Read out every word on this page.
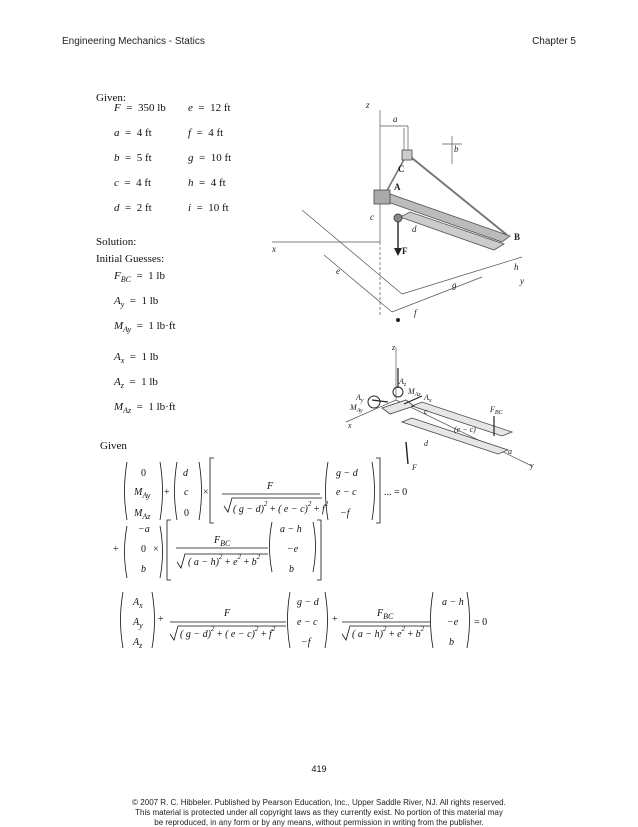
Engineering Mechanics - Statics	Chapter 5
Given:
F  =  350 lb
a  =  4 ft
b  =  5 ft
c  =  4 ft
d  =  2 ft
e  =  12 ft
f  =  4 ft
g  =  10 ft
h  =  4 ft
i  =  10 ft
Solution:
Initial Guesses:
$F_{BC} = 1$ lb
$A_y = 1$ lb
$M_{Ay} = 1$ lb·ft
$A_x = 1$ lb
$A_z = 1$ lb
$M_{Az} = 1$ lb·ft
Given
0
$M_{Ay}$
$M_{Az}$
+
d
c
0
×
F
( g − d)$^2$ + ( $e - c)^2 + f^2$
g − d
e − c
−f
... = 0
−a
+ 0
b
×
$F_{BC}$
( $a - h)^2 + e^2 + b^2$
a − h
−e
b
$A_x$
$A_y$
$A_z$
+
F
( g − d)$^2$ + ( $e - c)^2 + f^2$
g − d
e − c
−f
+
$F_{BC}$
( $a - h)^2 + e^2 + b^2$
a − h
−e
b
= 0
z
a
b
C
A
c
d
B
F
x
e
g
h
y
f
z
$A_z$
$M_{Az}$
$A_y$
$M_{Ay}$
$A_x$
c
x
d
(e − c)
$F_{BC}$
a
y
F
419
© 2007 R. C. Hibbeler. Published by Pearson Education, Inc., Upper Saddle River, NJ. All rights reserved.
This material is protected under all copyright laws as they currently exist. No portion of this material may
be reproduced, in any form or by any means, without permission in writing from the publisher.
